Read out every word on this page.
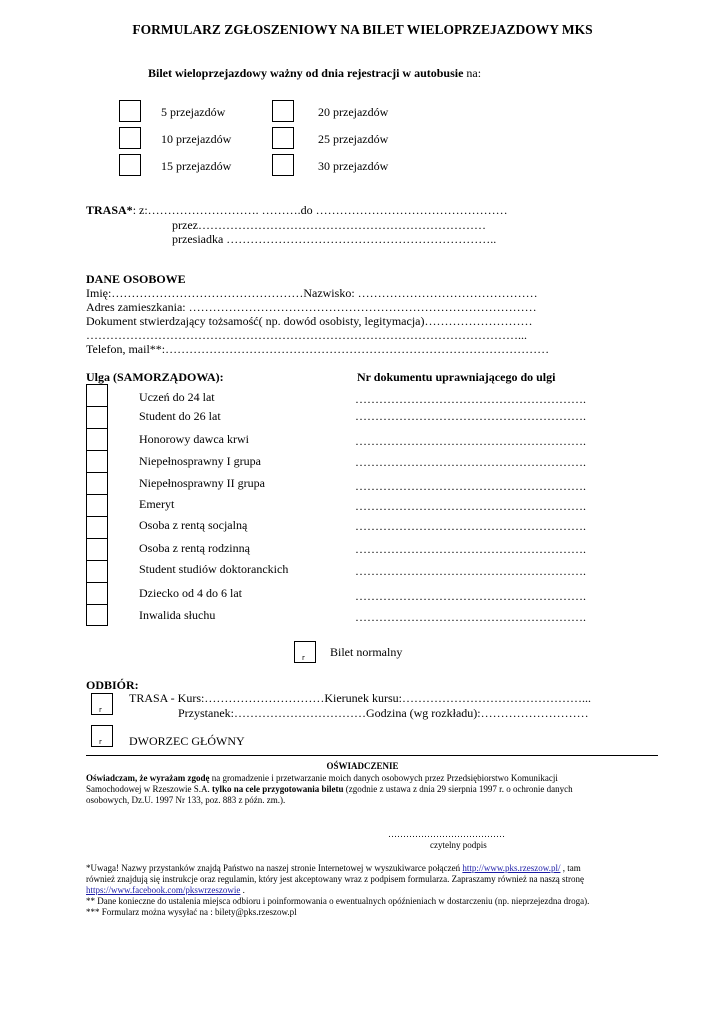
FORMULARZ ZGŁOSZENIOWY NA BILET WIELOPRZEJAZDOWY MKS
Bilet wieloprzejazdowy ważny od dnia rejestracji w autobusie na:
5 przejazdów
10 przejazdów
15 przejazdów
20 przejazdów
25 przejazdów
30 przejazdów
TRASA*: z:………………………. ……….do …………………………………………
przez………………………………………………………………
przesiadka …………………………………………………………..
DANE OSOBOWE
Imię:…………………………………………Nazwisko: ………………………………………
Adres zamieszkania: ……………………………………………………………………………
Dokument stwierdzający tożsamość( np. dowód osobisty, legitymacja)………………………
………………………………………………………………………………………………...
Telefon, mail**:……………………………………………………………………………………
Ulga (SAMORZĄDOWA):	Nr dokumentu uprawniającego do ulgi
Uczeń do 24 lat
Student do 26 lat
Honorowy dawca krwi
Niepełnosprawny I grupa
Niepełnosprawny II grupa
Emeryt
Osoba z rentą socjalną
Osoba z rentą rodzinną
Student studiów doktoranckich
Dziecko od 4 do 6 lat
Inwalida słuchu
………………………………………………….
………………………………………………….
………………………………………………….
………………………………………………….
………………………………………………….
………………………………………………….
………………………………………………….
………………………………………………….
………………………………………………….
………………………………………………….
………………………………………………….
r Bilet normalny
ODBIÓR:
r
TRASA - Kurs:…………………………Kierunek kursu:………………………………………...
Przystanek:……………………………Godzina (wg rozkładu):………………………
r DWORZEC GŁÓWNY
OŚWIADCZENIE
Oświadczam, że wyrażam zgodę na gromadzenie i przetwarzanie moich danych osobowych przez Przedsiębiorstwo Komunikacji
Samochodowej w Rzeszowie S.A. tylko na cele przygotowania biletu (zgodnie z ustawa z dnia 29 sierpnia 1997 r. o ochronie danych
osobowych, Dz.U. 1997 Nr 133, poz. 883 z późn. zm.).
…………………………………
czytelny podpis
*Uwaga! Nazwy przystanków znajdą Państwo na naszej stronie Internetowej w wyszukiwarce połączeń http://www.pks.rzeszow.pl/ , tam
również znajdują się instrukcje oraz regulamin, który jest akceptowany wraz z podpisem formularza. Zapraszamy również na naszą stronę
https://www.facebook.com/pkswrzeszowie .
** Dane konieczne do ustalenia miejsca odbioru i poinformowania o ewentualnych opóźnieniach w dostarczeniu (np. nieprzejezdna droga).
*** Formularz można wysyłać na : bilety@pks.rzeszow.pl
